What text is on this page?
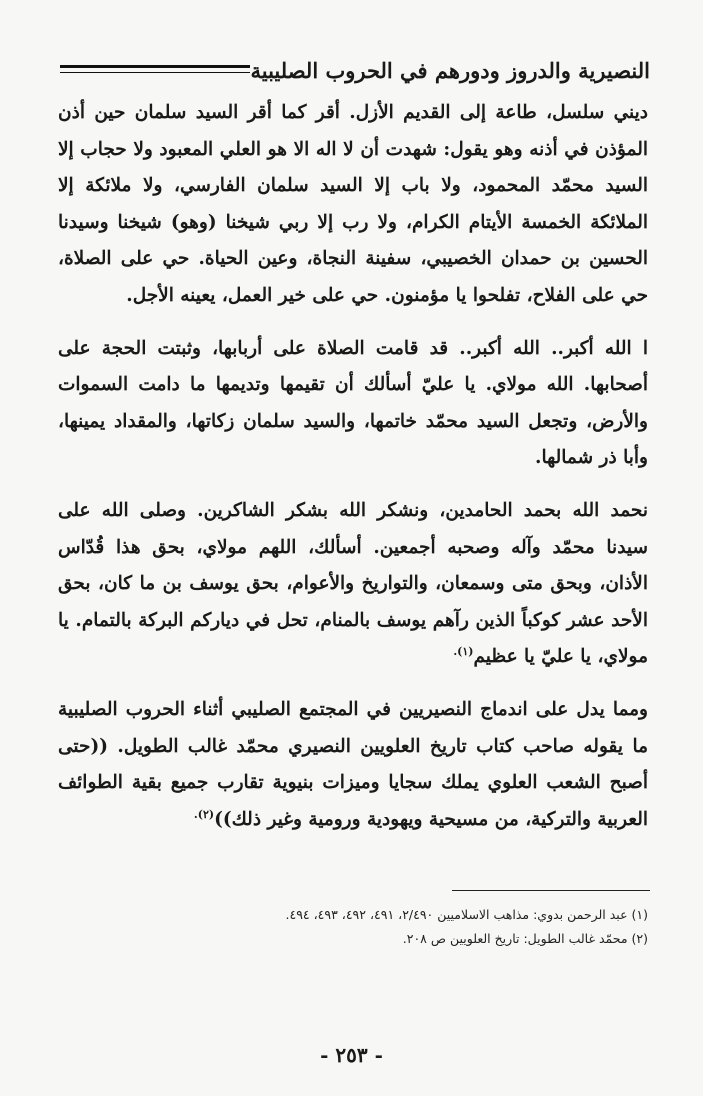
النصيرية والدروز ودورهم في الحروب الصليبية

ديني سلسل، طاعة إلى القديم الأزل. أقر كما أقر السيد سلمان حين أذن المؤذن في أذنه وهو يقول: شهدت أن لا اله الا هو العلي المعبود ولا حجاب إلا السيد محمّد المحمود، ولا باب إلا السيد سلمان الفارسي، ولا ملائكة إلا الملائكة الخمسة الأيتام الكرام، ولا رب إلا ربي شيخنا (وهو) شيخنا وسيدنا الحسين بن حمدان الخصيبي، سفينة النجاة، وعين الحياة. حي على الصلاة، حي على الفلاح، تفلحوا يا مؤمنون. حي على خير العمل، يعينه الأجل.

ا الله أكبر.. الله أكبر.. قد قامت الصلاة على أربابها، وثبتت الحجة على أصحابها. الله مولاي. يا عليّ أسألك أن تقيمها وتديمها ما دامت السموات والأرض، وتجعل السيد محمّد خاتمها، والسيد سلمان زكاتها، والمقداد يمينها، وأبا ذر شمالها.

نحمد الله بحمد الحامدين، ونشكر الله بشكر الشاكرين. وصلى الله على سيدنا محمّد وآله وصحبه أجمعين. أسألك، اللهم مولاي، بحق هذا قُدّاس الأذان، وبحق متى وسمعان، والتواريخ والأعوام، بحق يوسف بن ما كان، بحق الأحد عشر كوكباً الذين رآهم يوسف بالمنام، تحل في دياركم البركة بالتمام. يا مولاي، يا عليّ يا عظيم$^{(١).}$

ومما يدل على اندماج النصيريين في المجتمع الصليبي أثناء الحروب الصليبية ما يقوله صاحب كتاب تاريخ العلويين النصيري محمّد غالب الطويل. ((حتى أصبح الشعب العلوي يملك سجايا وميزات بنيوية تقارب جميع بقية الطوائف العربية والتركية، من مسيحية ويهودية ورومية وغير ذلك))$^{(٢).}$

(١) عبد الرحمن بدوي: مذاهب الاسلاميين ٢/٤٩٠، ٤٩١، ٤٩٢، ٤٩٣، ٤٩٤.
(٢) محمّد غالب الطويل: تاريخ العلويين ص ٢٠٨.
- ٢٥٣ -
